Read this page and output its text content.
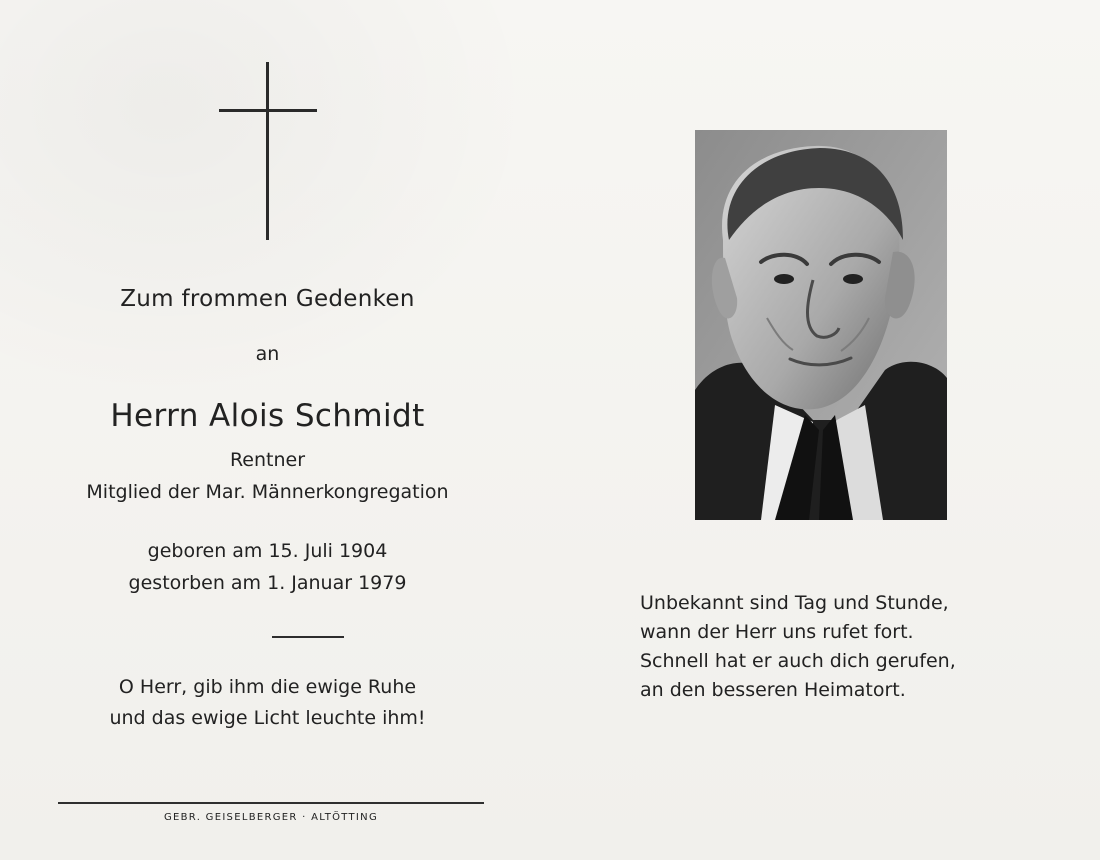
Zum frommen Gedenken
an
Herrn Alois Schmidt
Rentner
Mitglied der Mar. Männerkongregation
geboren am 15. Juli 1904
gestorben am 1. Januar 1979
O Herr, gib ihm die ewige Ruhe
und das ewige Licht leuchte ihm!
GEBR. GEISELBERGER · ALTÖTTING
Unbekannt sind Tag und Stunde,
wann der Herr uns rufet fort.
Schnell hat er auch dich gerufen,
an den besseren Heimatort.
